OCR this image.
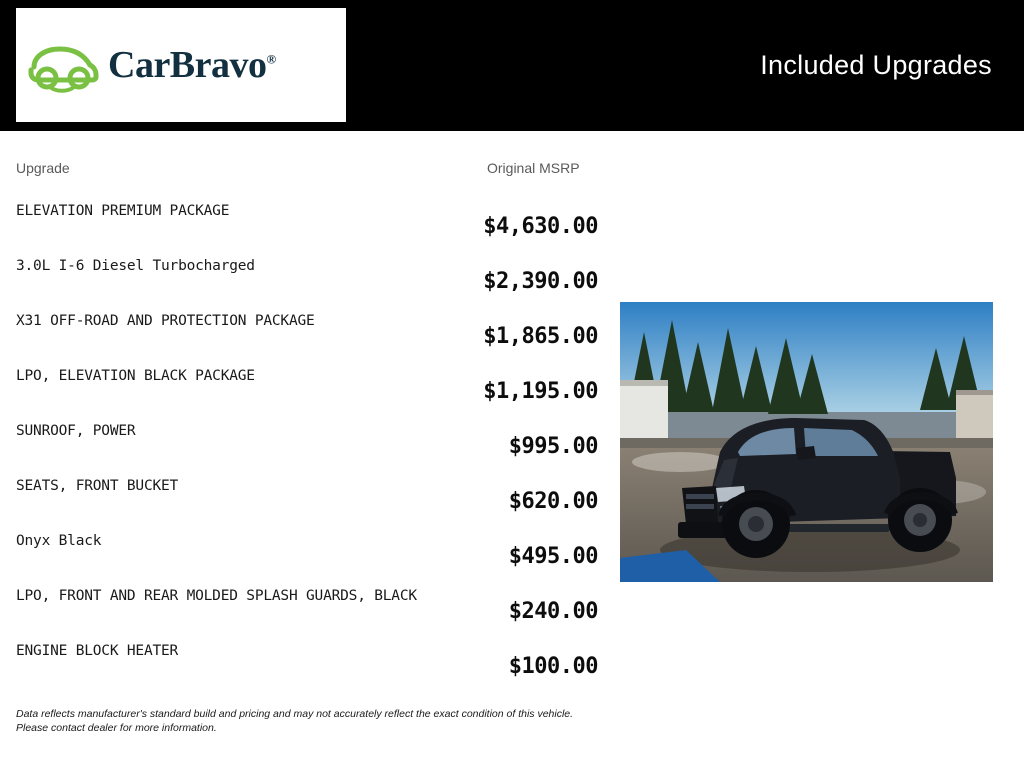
CarBravo®	Included Upgrades
Upgrade	Original MSRP
ELEVATION PREMIUM PACKAGE
$4,630.00
3.0L I-6 Diesel Turbocharged
$2,390.00
X31 OFF-ROAD AND PROTECTION PACKAGE
$1,865.00
LPO, ELEVATION BLACK PACKAGE
$1,195.00
SUNROOF, POWER
$995.00
SEATS, FRONT BUCKET
$620.00
Onyx Black
$495.00
LPO, FRONT AND REAR MOLDED SPLASH GUARDS, BLACK
$240.00
ENGINE BLOCK HEATER
$100.00
Data reflects manufacturer's standard build and pricing and may not accurately reflect the exact condition of this vehicle.
Please contact dealer for more information.
